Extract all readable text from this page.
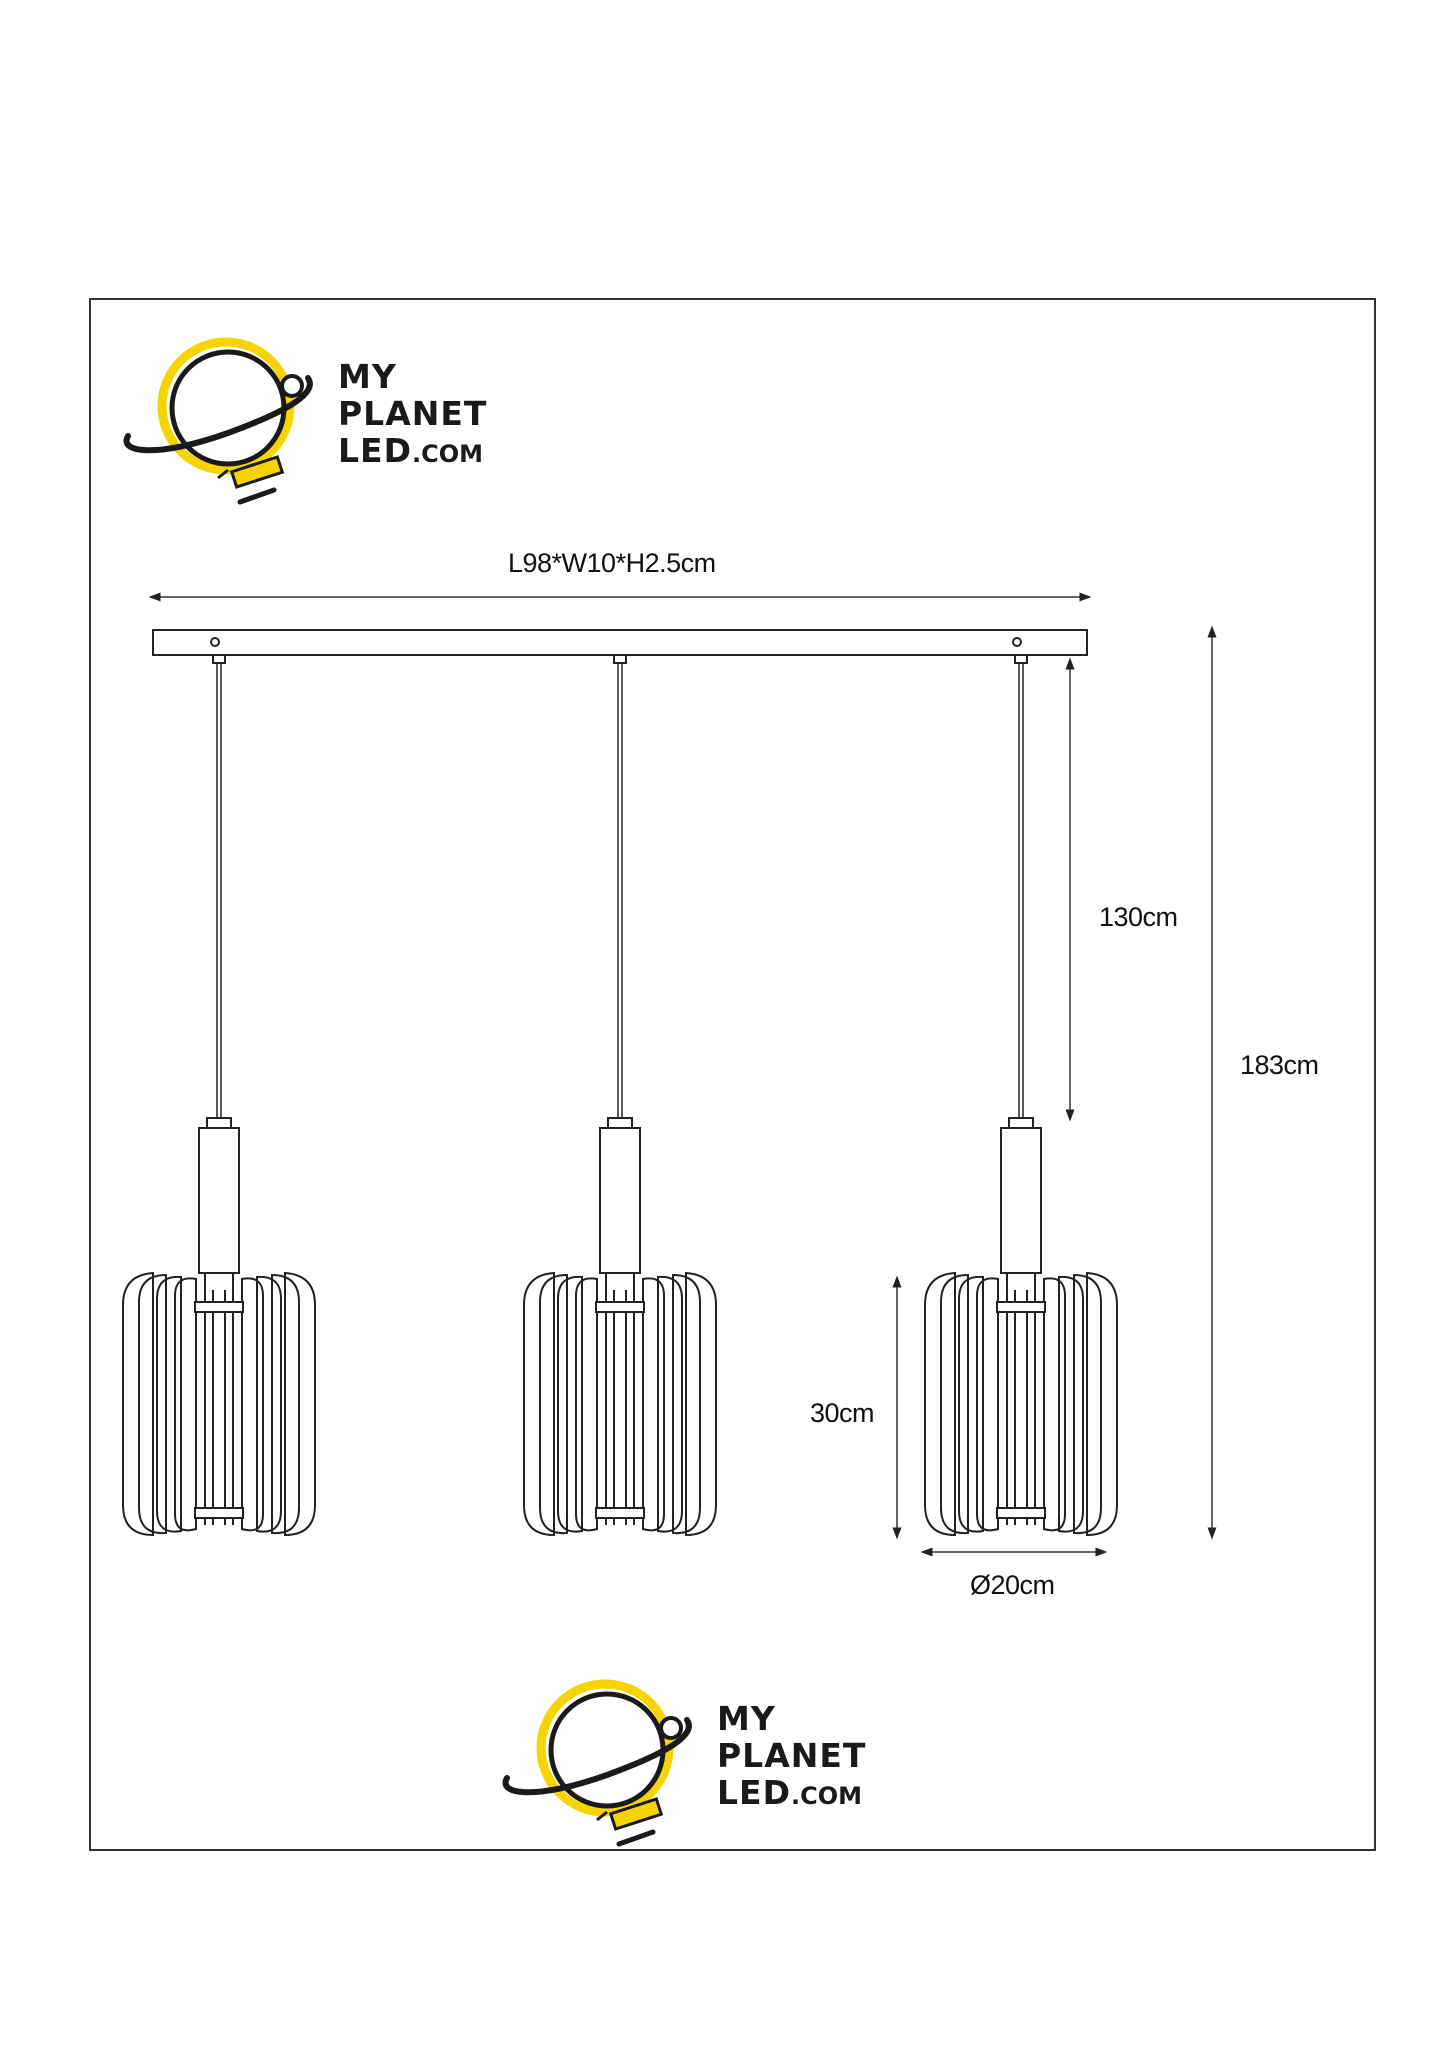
MY
PLANET
LED.COM
MY
PLANET
LED.COM
L98*W10*H2.5cm
130cm
183cm
30cm
Ø20cm
